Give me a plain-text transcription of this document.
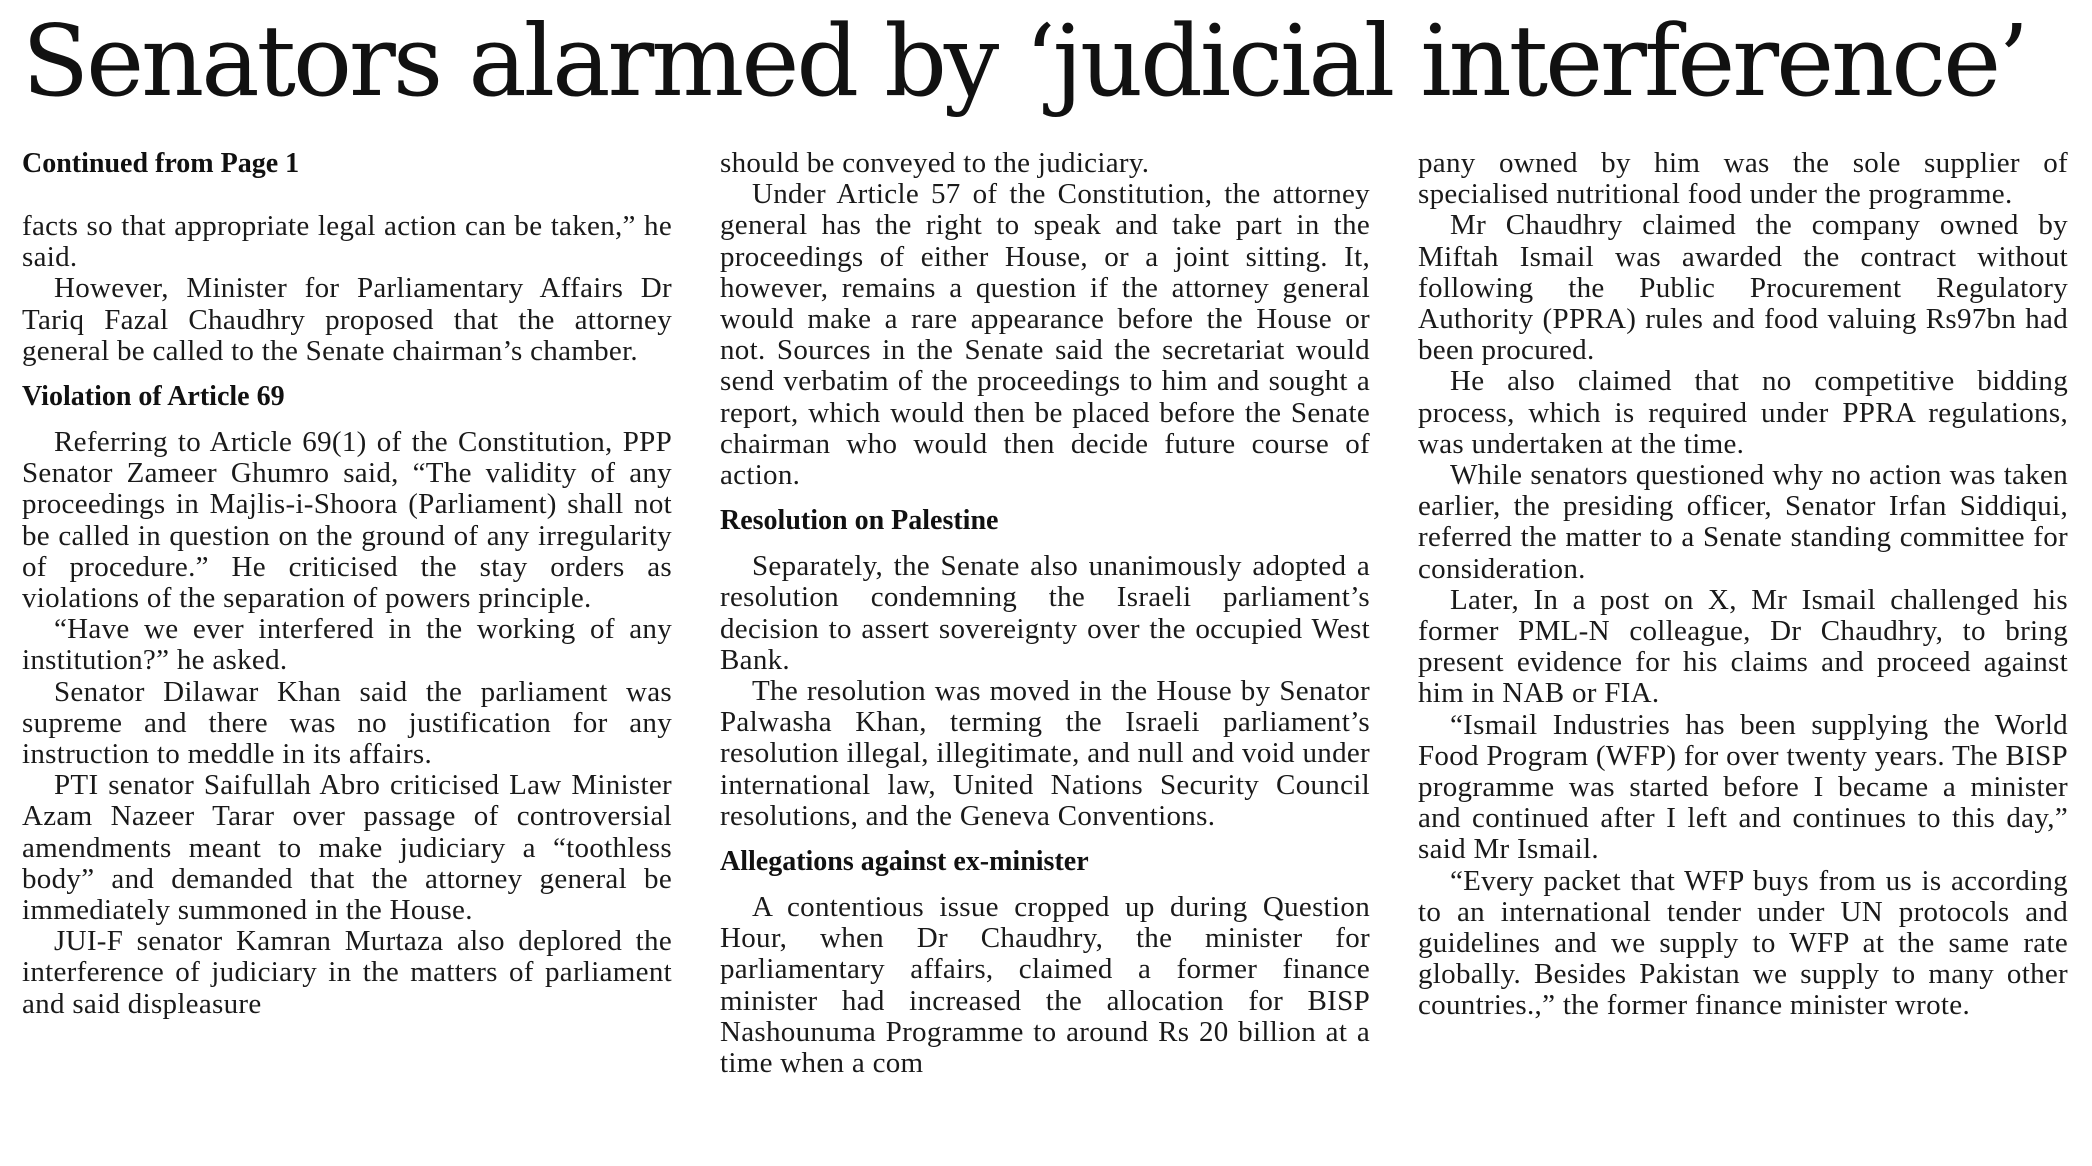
Senators alarmed by ‘judicial interference’
Continued from Page 1

facts so that appropriate legal action can be taken,” he said.

However, Minister for Parliamentary Affairs Dr Tariq Fazal Chaudhry proposed that the attorney general be called to the Senate chairman’s chamber.

Violation of Article 69

Referring to Article 69(1) of the Constitution, PPP Senator Zameer Ghumro said, “The validity of any proceedings in Majlis-i-Shoora (Parliament) shall not be called in question on the ground of any irregularity of procedure.” He criticised the stay orders as violations of the separation of powers principle.

“Have we ever interfered in the working of any institution?” he asked.

Senator Dilawar Khan said the parliament was supreme and there was no justification for any instruction to meddle in its affairs.

PTI senator Saifullah Abro criticised Law Minister Azam Nazeer Tarar over passage of controversial amendments meant to make judiciary a “toothless body” and demanded that the attorney general be immediately summoned in the House.

JUI-F senator Kamran Murtaza also deplored the interference of judiciary in the matters of parliament and said displeasure

should be conveyed to the judiciary.

Under Article 57 of the Constitution, the attorney general has the right to speak and take part in the proceedings of either House, or a joint sitting. It, however, remains a question if the attorney general would make a rare appearance before the House or not. Sources in the Senate said the secretariat would send verbatim of the proceedings to him and sought a report, which would then be placed before the Senate chairman who would then decide future course of action.

Resolution on Palestine

Separately, the Senate also unanimously adopted a resolution condemning the Israeli parliament’s decision to assert sovereignty over the occupied West Bank.

The resolution was moved in the House by Senator Palwasha Khan, terming the Israeli parliament’s resolution illegal, illegitimate, and null and void under international law, United Nations Security Council resolutions, and the Geneva Conventions.

Allegations against ex-minister

A contentious issue cropped up during Question Hour, when Dr Chaudhry, the minister for parliamentary affairs, claimed a former finance minister had increased the allocation for BISP Nashounuma Programme to around Rs 20 billion at a time when a com

pany owned by him was the sole supplier of specialised nutritional food under the programme.

Mr Chaudhry claimed the company owned by Miftah Ismail was awarded the contract without following the Public Procurement Regulatory Authority (PPRA) rules and food valuing Rs97bn had been procured.

He also claimed that no competitive bidding process, which is required under PPRA regulations, was undertaken at the time.

While senators questioned why no action was taken earlier, the presiding officer, Senator Irfan Siddiqui, referred the matter to a Senate standing committee for consideration.

Later, In a post on X, Mr Ismail challenged his former PML-N colleague, Dr Chaudhry, to bring present evidence for his claims and proceed against him in NAB or FIA.

“Ismail Industries has been supplying the World Food Program (WFP) for over twenty years. The BISP programme was started before I became a minister and continued after I left and continues to this day,” said Mr Ismail.

“Every packet that WFP buys from us is according to an international tender under UN protocols and guidelines and we supply to WFP at the same rate globally. Besides Pakistan we supply to many other countries.,” the former finance minister wrote.
